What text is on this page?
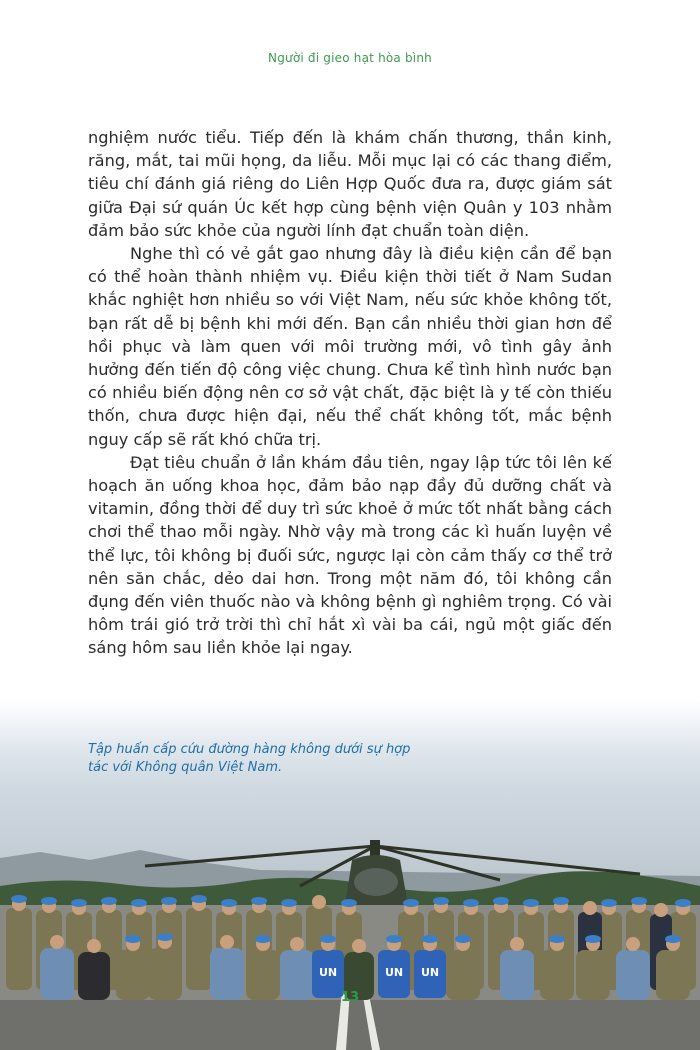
Người đi gieo hạt hòa bình

nghiệm nước tiểu. Tiếp đến là khám chấn thương, thần kinh, răng, mắt, tai mũi họng, da liễu. Mỗi mục lại có các thang điểm, tiêu chí đánh giá riêng do Liên Hợp Quốc đưa ra, được giám sát giữa Đại sứ quán Úc kết hợp cùng bệnh viện Quân y 103 nhằm đảm bảo sức khỏe của người lính đạt chuẩn toàn diện.

Nghe thì có vẻ gắt gao nhưng đây là điều kiện cần để bạn có thể hoàn thành nhiệm vụ. Điều kiện thời tiết ở Nam Sudan khắc nghiệt hơn nhiều so với Việt Nam, nếu sức khỏe không tốt, bạn rất dễ bị bệnh khi mới đến. Bạn cần nhiều thời gian hơn để hồi phục và làm quen với môi trường mới, vô tình gây ảnh hưởng đến tiến độ công việc chung. Chưa kể tình hình nước bạn có nhiều biến động nên cơ sở vật chất, đặc biệt là y tế còn thiếu thốn, chưa được hiện đại, nếu thể chất không tốt, mắc bệnh nguy cấp sẽ rất khó chữa trị.

Đạt tiêu chuẩn ở lần khám đầu tiên, ngay lập tức tôi lên kế hoạch ăn uống khoa học, đảm bảo nạp đầy đủ dưỡng chất và vitamin, đồng thời để duy trì sức khoẻ ở mức tốt nhất bằng cách chơi thể thao mỗi ngày. Nhờ vậy mà trong các kì huấn luyện về thể lực, tôi không bị đuối sức, ngược lại còn cảm thấy cơ thể trở nên săn chắc, dẻo dai hơn. Trong một năm đó, tôi không cần đụng đến viên thuốc nào và không bệnh gì nghiêm trọng. Có vài hôm trái gió trở trời thì chỉ hắt xì vài ba cái, ngủ một giấc đến sáng hôm sau liền khỏe lại ngay.

UN	UN UN
Tập huấn cấp cứu đường hàng không dưới sự hợp tác với Không quân Việt Nam.
13
